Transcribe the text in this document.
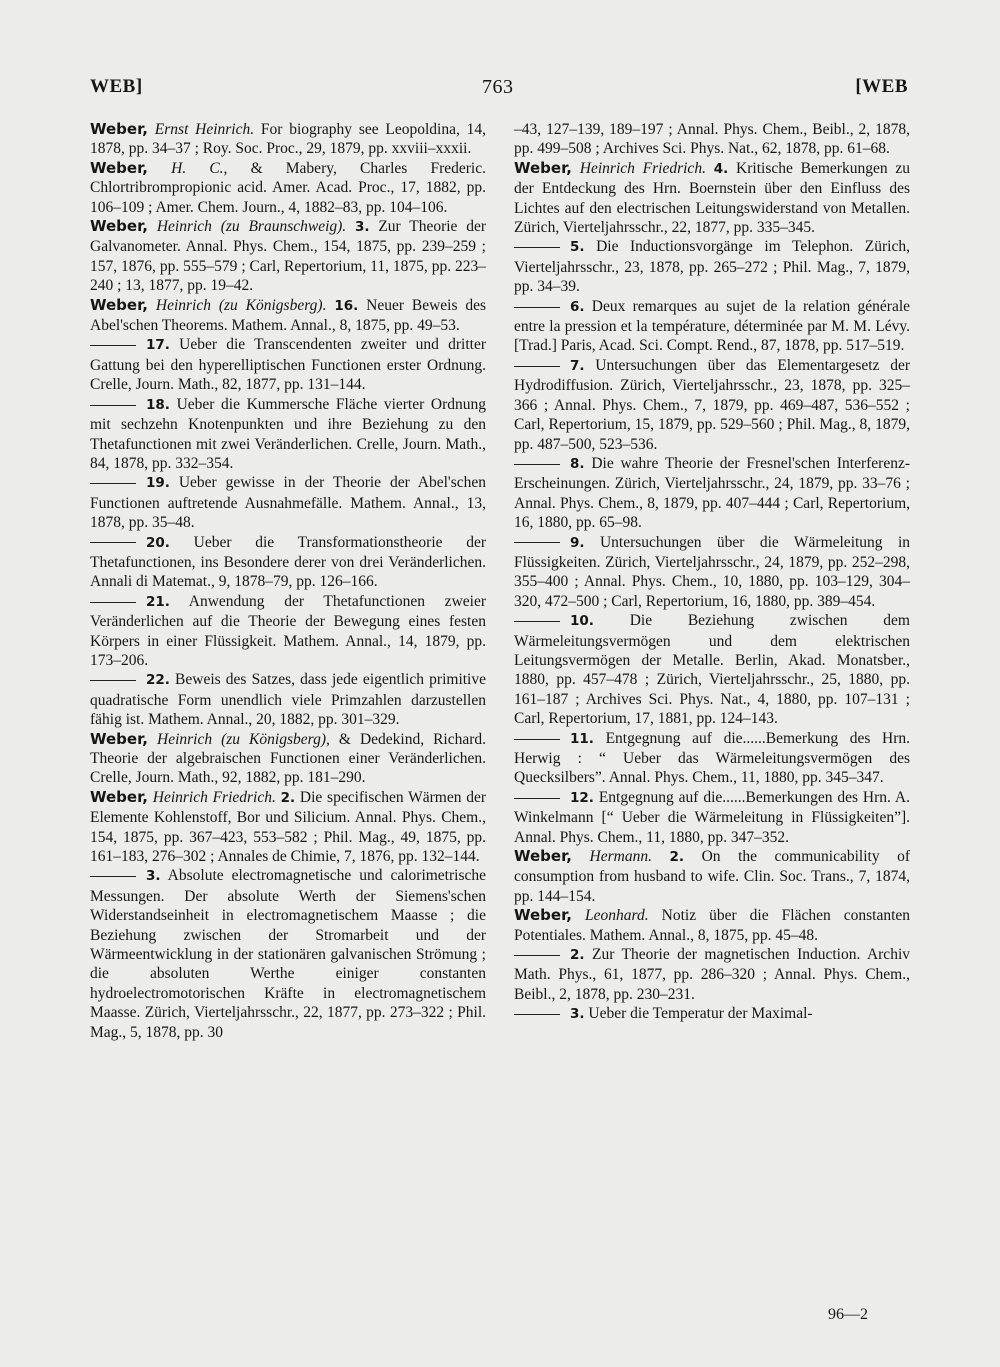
WEB]	763	[WEB

Weber, Ernst Heinrich. For biography see Leopoldina, 14, 1878, pp. 34–37 ; Roy. Soc. Proc., 29, 1879, pp. xxviii–xxxii.

Weber, H. C., & Mabery, Charles Frederic. Chlortribrompropionic acid. Amer. Acad. Proc., 17, 1882, pp. 106–109 ; Amer. Chem. Journ., 4, 1882–83, pp. 104–106.

Weber, Heinrich (zu Braunschweig). 3. Zur Theorie der Galvanometer. Annal. Phys. Chem., 154, 1875, pp. 239–259 ; 157, 1876, pp. 555–579 ; Carl, Repertorium, 11, 1875, pp. 223–240 ; 13, 1877, pp. 19–42.

Weber, Heinrich (zu Königsberg). 16. Neuer Beweis des Abel'schen Theorems. Mathem. Annal., 8, 1875, pp. 49–53.

17. Ueber die Transcendenten zweiter und dritter Gattung bei den hyperelliptischen Functionen erster Ordnung. Crelle, Journ. Math., 82, 1877, pp. 131–144.

18. Ueber die Kummersche Fläche vierter Ordnung mit sechzehn Knotenpunkten und ihre Beziehung zu den Thetafunctionen mit zwei Veränderlichen. Crelle, Journ. Math., 84, 1878, pp. 332–354.

19. Ueber gewisse in der Theorie der Abel'schen Functionen auftretende Ausnahmefälle. Mathem. Annal., 13, 1878, pp. 35–48.

20. Ueber die Transformationstheorie der Thetafunctionen, ins Besondere derer von drei Veränderlichen. Annali di Matemat., 9, 1878–79, pp. 126–166.

21. Anwendung der Thetafunctionen zweier Veränderlichen auf die Theorie der Bewegung eines festen Körpers in einer Flüssigkeit. Mathem. Annal., 14, 1879, pp. 173–206.

22. Beweis des Satzes, dass jede eigentlich primitive quadratische Form unendlich viele Primzahlen darzustellen fähig ist. Mathem. Annal., 20, 1882, pp. 301–329.

Weber, Heinrich (zu Königsberg), & Dedekind, Richard. Theorie der algebraischen Functionen einer Veränderlichen. Crelle, Journ. Math., 92, 1882, pp. 181–290.

Weber, Heinrich Friedrich. 2. Die specifischen Wärmen der Elemente Kohlenstoff, Bor und Silicium. Annal. Phys. Chem., 154, 1875, pp. 367–423, 553–582 ; Phil. Mag., 49, 1875, pp. 161–183, 276–302 ; Annales de Chimie, 7, 1876, pp. 132–144.

3. Absolute electromagnetische und calorimetrische Messungen. Der absolute Werth der Siemens'schen Widerstandseinheit in electromagnetischem Maasse ; die Beziehung zwischen der Stromarbeit und der Wärmeentwicklung in der stationären galvanischen Strömung ; die absoluten Werthe einiger constanten hydroelectromotorischen Kräfte in electromagnetischem Maasse. Zürich, Vierteljahrsschr., 22, 1877, pp. 273–322 ; Phil. Mag., 5, 1878, pp. 30

–43, 127–139, 189–197 ; Annal. Phys. Chem., Beibl., 2, 1878, pp. 499–508 ; Archives Sci. Phys. Nat., 62, 1878, pp. 61–68.

Weber, Heinrich Friedrich. 4. Kritische Bemerkungen zu der Entdeckung des Hrn. Boernstein über den Einfluss des Lichtes auf den electrischen Leitungswiderstand von Metallen. Zürich, Vierteljahrsschr., 22, 1877, pp. 335–345.

5. Die Inductionsvorgänge im Telephon. Zürich, Vierteljahrsschr., 23, 1878, pp. 265–272 ; Phil. Mag., 7, 1879, pp. 34–39.

6. Deux remarques au sujet de la relation générale entre la pression et la température, déterminée par M. M. Lévy. [Trad.] Paris, Acad. Sci. Compt. Rend., 87, 1878, pp. 517–519.

7. Untersuchungen über das Elementargesetz der Hydrodiffusion. Zürich, Vierteljahrsschr., 23, 1878, pp. 325–366 ; Annal. Phys. Chem., 7, 1879, pp. 469–487, 536–552 ; Carl, Repertorium, 15, 1879, pp. 529–560 ; Phil. Mag., 8, 1879, pp. 487–500, 523–536.

8. Die wahre Theorie der Fresnel'schen Interferenz-Erscheinungen. Zürich, Vierteljahrsschr., 24, 1879, pp. 33–76 ; Annal. Phys. Chem., 8, 1879, pp. 407–444 ; Carl, Repertorium, 16, 1880, pp. 65–98.

9. Untersuchungen über die Wärmeleitung in Flüssigkeiten. Zürich, Vierteljahrsschr., 24, 1879, pp. 252–298, 355–400 ; Annal. Phys. Chem., 10, 1880, pp. 103–129, 304–320, 472–500 ; Carl, Repertorium, 16, 1880, pp. 389–454.

10. Die Beziehung zwischen dem Wärmeleitungsvermögen und dem elektrischen Leitungsvermögen der Metalle. Berlin, Akad. Monatsber., 1880, pp. 457–478 ; Zürich, Vierteljahrsschr., 25, 1880, pp. 161–187 ; Archives Sci. Phys. Nat., 4, 1880, pp. 107–131 ; Carl, Repertorium, 17, 1881, pp. 124–143.

11. Entgegnung auf die......Bemerkung des Hrn. Herwig : “ Ueber das Wärmeleitungsvermögen des Quecksilbers”. Annal. Phys. Chem., 11, 1880, pp. 345–347.

12. Entgegnung auf die......Bemerkungen des Hrn. A. Winkelmann [“ Ueber die Wärmeleitung in Flüssigkeiten”]. Annal. Phys. Chem., 11, 1880, pp. 347–352.

Weber, Hermann. 2. On the communicability of consumption from husband to wife. Clin. Soc. Trans., 7, 1874, pp. 144–154.

Weber, Leonhard. Notiz über die Flächen constanten Potentiales. Mathem. Annal., 8, 1875, pp. 45–48.

2. Zur Theorie der magnetischen Induction. Archiv Math. Phys., 61, 1877, pp. 286–320 ; Annal. Phys. Chem., Beibl., 2, 1878, pp. 230–231.

3. Ueber die Temperatur der Maximal-

96—2
